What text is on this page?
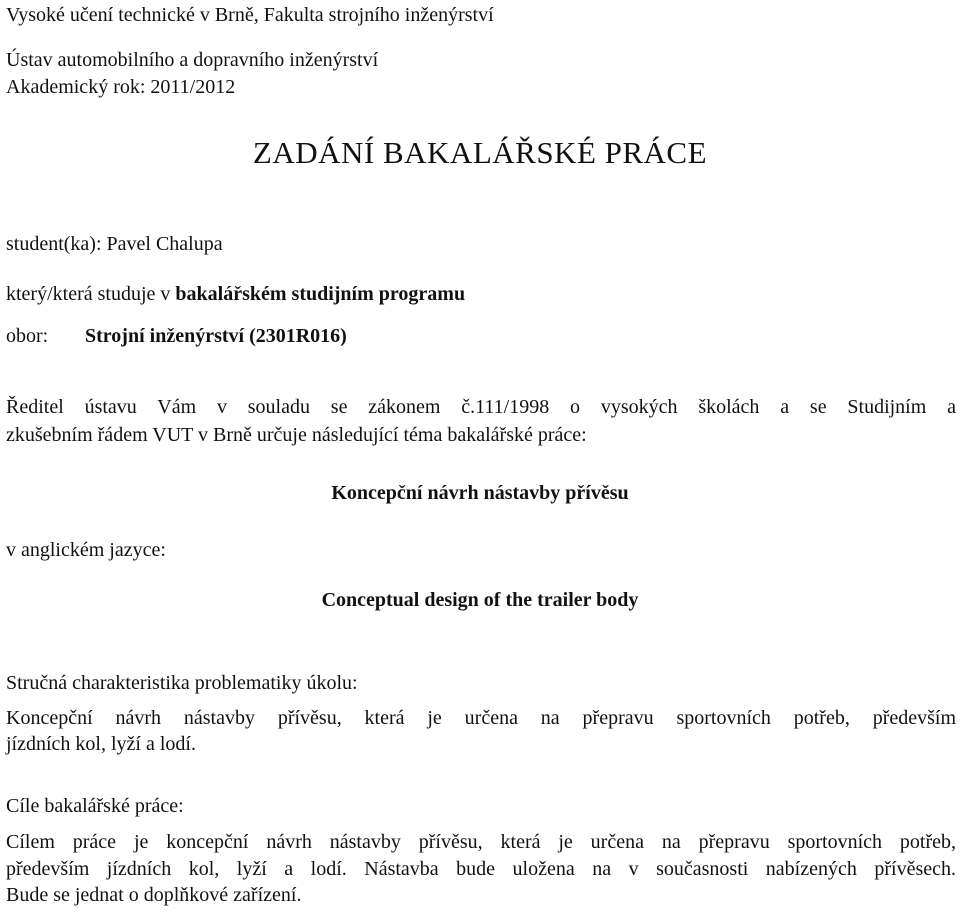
Vysoké učení technické v Brně, Fakulta strojního inženýrství
Ústav automobilního a dopravního inženýrství
Akademický rok: 2011/2012
ZADÁNÍ BAKALÁŘSKÉ PRÁCE
student(ka): Pavel Chalupa
který/která studuje v bakalářském studijním programu
obor: Strojní inženýrství (2301R016)
Ředitel ústavu Vám v souladu se zákonem č.111/1998 o vysokých školách a se Studijním a
zkušebním řádem VUT v Brně určuje následující téma bakalářské práce:
Koncepční návrh nástavby přívěsu
v anglickém jazyce:
Conceptual design of the trailer body
Stručná charakteristika problematiky úkolu:
Koncepční návrh nástavby přívěsu, která je určena na přepravu sportovních potřeb, především
jízdních kol, lyží a lodí.
Cíle bakalářské práce:
Cílem práce je koncepční návrh nástavby přívěsu, která je určena na přepravu sportovních potřeb,
především jízdních kol, lyží a lodí. Nástavba bude uložena na v současnosti nabízených přívěsech.
Bude se jednat o doplňkové zařízení.
